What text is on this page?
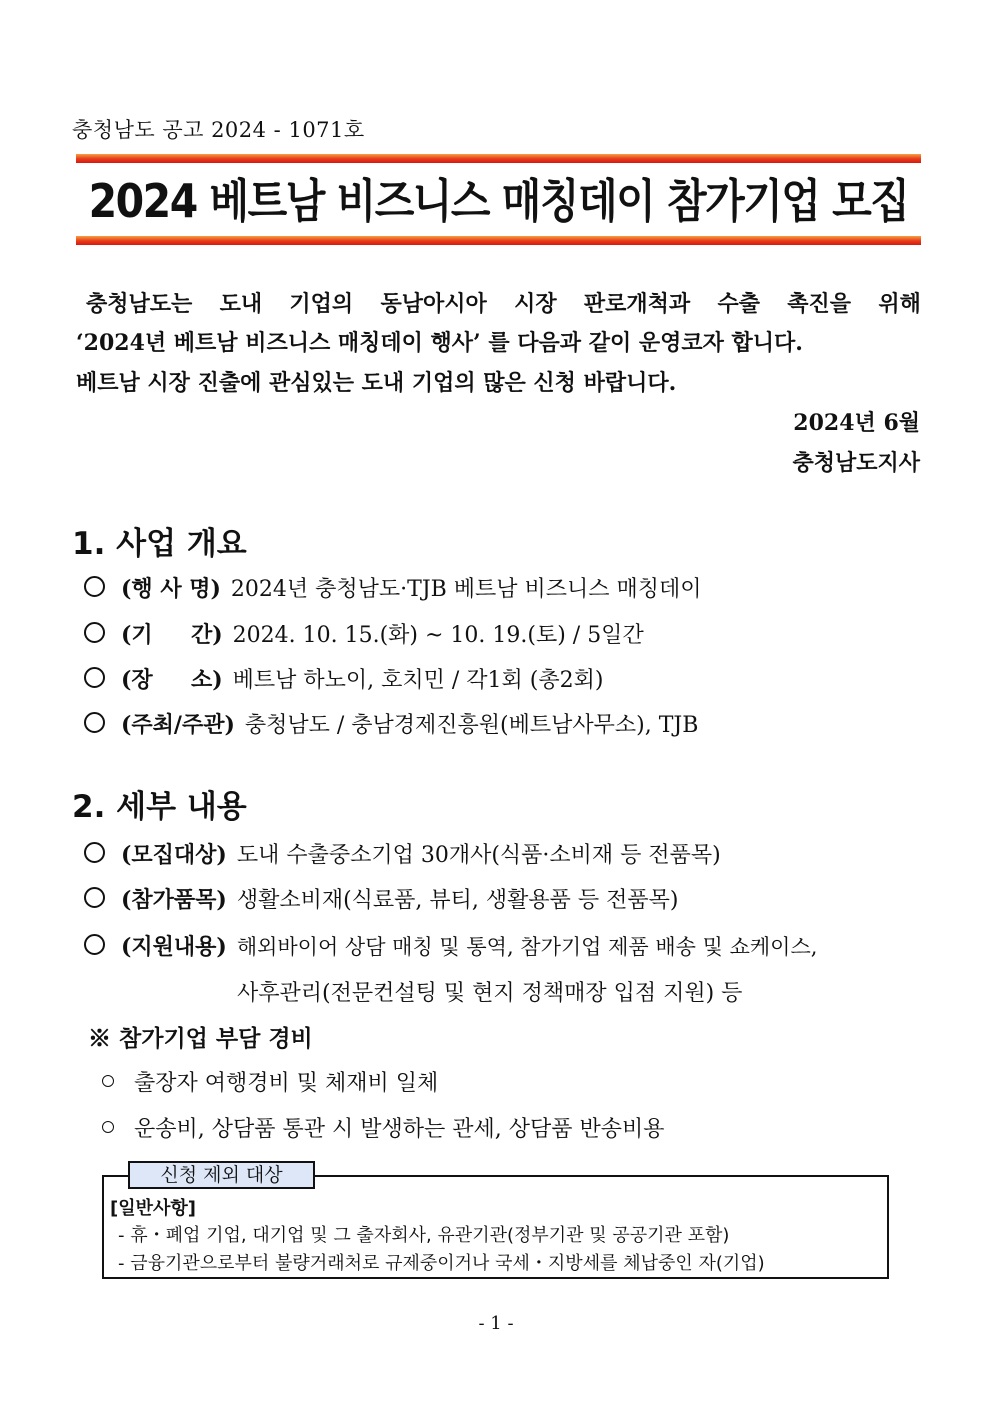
충청남도 공고 2024 - 1071호
2024 베트남 비즈니스 매칭데이 참가기업 모집
충청남도는 도내 기업의 동남아시아 시장 판로개척과 수출 촉진을 위해
‘2024년 베트남 비즈니스 매칭데이 행사’ 를 다음과 같이 운영코자 합니다.
베트남 시장 진출에 관심있는 도내 기업의 많은 신청 바랍니다.
2024년 6월
충청남도지사
1. 사업 개요
(행 사 명) 2024년 충청남도·TJB 베트남 비즈니스 매칭데이
(기     간) 2024. 10. 15.(화) ~ 10. 19.(토) / 5일간
(장     소) 베트남 하노이, 호치민 / 각1회 (총2회)
(주최/주관) 충청남도 / 충남경제진흥원(베트남사무소), TJB
2. 세부 내용
(모집대상) 도내 수출중소기업 30개사(식품·소비재 등 전품목)
(참가품목) 생활소비재(식료품, 뷰티, 생활용품 등 전품목)
(지원내용) 해외바이어 상담 매칭 및 통역, 참가기업 제품 배송 및 쇼케이스,
사후관리(전문컨설팅 및 현지 정책매장 입점 지원) 등
※ 참가기업 부담 경비
출장자 여행경비 및 체재비 일체
운송비, 상담품 통관 시 발생하는 관세, 상담품 반송비용
신청 제외 대상
[일반사항]
- 휴・폐업 기업, 대기업 및 그 출자회사, 유관기관(정부기관 및 공공기관 포함)
- 금융기관으로부터 불량거래처로 규제중이거나 국세・지방세를 체납중인 자(기업)
- 1 -
